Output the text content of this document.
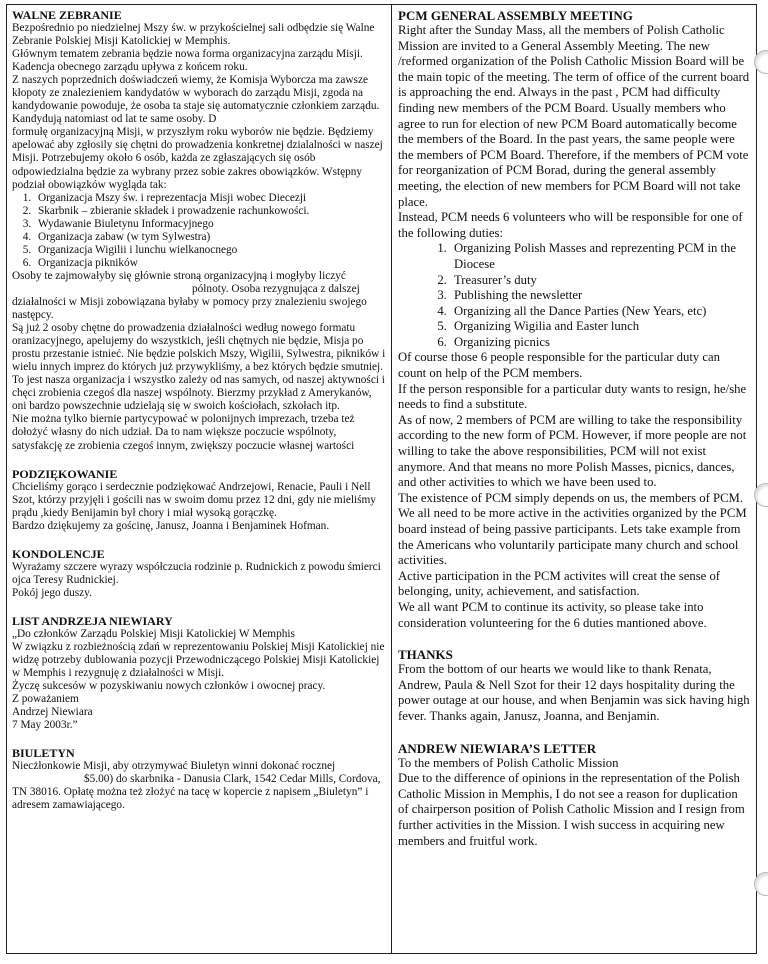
WALNE ZEBRANIE

Bezpośrednio po niedzielnej Mszy św. w przykościelnej sali odbędzie się Walne Zebranie Polskiej Misji Katolickiej w Memphis.

Głównym tematem zebrania będzie nowa forma organizacyjna zarządu Misji. Kadencja obecnego zarządu upływa z końcem roku.

Z naszych poprzednich doświadczeń wiemy, że Komisja Wyborcza ma zawsze kłopoty ze znalezieniem kandydatów w wyborach do zarządu Misji, zgoda na kandydowanie powoduje, że osoba ta staje się automatycznie członkiem zarządu. Kandydują natomiast od lat te same osoby. D

formułę organizacyjną Misji, w przyszłym roku wyborów nie będzie. Będziemy apelować aby zgłosily się chętni do prowadzenia konkretnej dzialalności w naszej Misji. Potrzebujemy około 6 osób, każda ze zgłaszających się osób odpowiedzialna będzie za wybrany przez sobie zakres obowiązków. Wstępny podział obowiązków wygląda tak:

1. Organizacja Mszy św. i reprezentacja Misji wobec Diecezji
2. Skarbnik – zbieranie składek i prowadzenie rachunkowości.
3. Wydawanie Biuletynu Informacyjnego
4. Organizacja zabaw (w tym Sylwestra)
5. Organizacja Wigilii i lunchu wielkanocnego
6. Organizacja pikników

Osoby te zajmowałyby się głównie stroną organizacyjną i mogłyby liczyć

pólnoty. Osoba rezygnująca z dalszej

działalności w Misji zobowiązana byłaby w pomocy przy znalezieniu swojego następcy.

Są już 2 osoby chętne do prowadzenia działalności według nowego formatu oranizacyjnego, apelujemy do wszystkich, jeśli chętnych nie będzie, Misja po prostu przestanie istnieć. Nie będzie polskich Mszy, Wigilii, Sylwestra, pikników i wielu innych imprez do których już przywykliśmy, a bez których będzie smutniej. To jest nasza organizacja i wszystko zależy od nas samych, od naszej aktywności i chęci zrobienia czegoś dla naszej wspólnoty. Bierzmy przykład z Amerykanów, oni bardzo powszechnie udzielają się w swoich kościołach, szkołach itp.

Nie można tylko biernie partycypować w polonijnych imprezach, trzeba też dołożyć własny do nich udział. Da to nam większe poczucie wspólnoty, satysfakcję ze zrobienia czegoś innym, zwiększy poczucie własnej wartości

PODZIĘKOWANIE

Chcieliśmy gorąco i serdecznie podziękować Andrzejowi, Renacie, Pauli i Nell Szot, którzy przyjęli i gościli nas w swoim domu przez 12 dni, gdy nie mieliśmy prądu ,kiedy Benijamin był chory i miał wysoką gorączkę.

Bardzo dziękujemy za gościnę, Janusz, Joanna i Benjaminek Hofman.

KONDOLENCJE

Wyrażamy szczere wyrazy współczucia rodzinie p. Rudnickich z powodu śmierci ojca Teresy Rudnickiej.

Pokój jego duszy.

LIST ANDRZEJA NIEWIARY

„Do członków Zarządu Polskiej Misji Katolickiej W Memphis

W związku z rozbieżnością zdań w reprezentowaniu Polskiej Misji Katolickiej nie widzę potrzeby dublowania pozycji Przewodniczącego Polskiej Misji Katolickiej w Memphis i rezygnuję z działalności w Misji.

Życzę sukcesów w pozyskiwaniu nowych członków i owocnej pracy.

Z poważaniem

Andrzej Niewiara

7 May 2003r.”

BIULETYN

Niecżłonkowie Misji, aby otrzymywać Biuletyn winni dokonać rocznej

$5.00) do skarbnika - Danusia Clark, 1542 Cedar Mills, Cordova,

TN 38016. Opłatę można też złożyć na tacę w kopercie z napisem „Biuletyn” i adresem zamawiającego.

PCM GENERAL ASSEMBLY MEETING

Right after the Sunday Mass, all the members of Polish Catholic Mission are invited to a General Assembly Meeting. The new /reformed organization of the Polish Catholic Mission Board will be the main topic of the meeting. The term of office of the current board is approaching the end. Always in the past , PCM had difficulty finding new members of the PCM Board. Usually members who agree to run for election of new PCM Board automatically become the members of the Board. In the past years, the same people were the members of PCM Board. Therefore, if the members of PCM vote for reorganization of PCM Borad, during the general assembly meeting, the election of new members for PCM Board will not take place.

Instead, PCM needs 6 volunteers who will be responsible for one of the following duties:

1. Organizing Polish Masses and reprezenting PCM in the Diocese
2. Treasurer’s duty
3. Publishing the newsletter
4. Organizing all the Dance Parties (New Years, etc)
5. Organizing Wigilia and Easter lunch
6. Organizing picnics

Of course those 6 people responsible for the particular duty can count on help of the PCM members.

If the person responsible for a particular duty wants to resign, he/she needs to find a substitute.

As of now, 2 members of PCM are willing to take the responsibility according to the new form of PCM. However, if more people are not willing to take the above responsibilities, PCM will not exist anymore. And that means no more Polish Masses, picnics, dances, and other activities to which we have been used to.

The existence of PCM simply depends on us, the members of PCM. We all need to be more active in the activities organized by the PCM board instead of being passive participants. Lets take example from the Americans who voluntarily participate many church and school activities.

Active participation in the PCM activites will creat the sense of belonging, unity, achievement, and satisfaction.

We all want PCM to continue its activity, so please take into consideration volunteering for the 6 duties mantioned above.

THANKS

From the bottom of our hearts we would like to thank Renata, Andrew, Paula & Nell Szot for their 12 days hospitality during the power outage at our house, and when Benjamin was sick having high fever. Thanks again, Janusz, Joanna, and Benjamin.

ANDREW NIEWIARA’S LETTER

To the members of Polish Catholic Mission

Due to the difference of opinions in the representation of the Polish Catholic Mission in Memphis, I do not see a reason for duplication of chairperson position of Polish Catholic Mission and I resign from further activities in the Mission. I wish success in acquiring new members and fruitful work.
